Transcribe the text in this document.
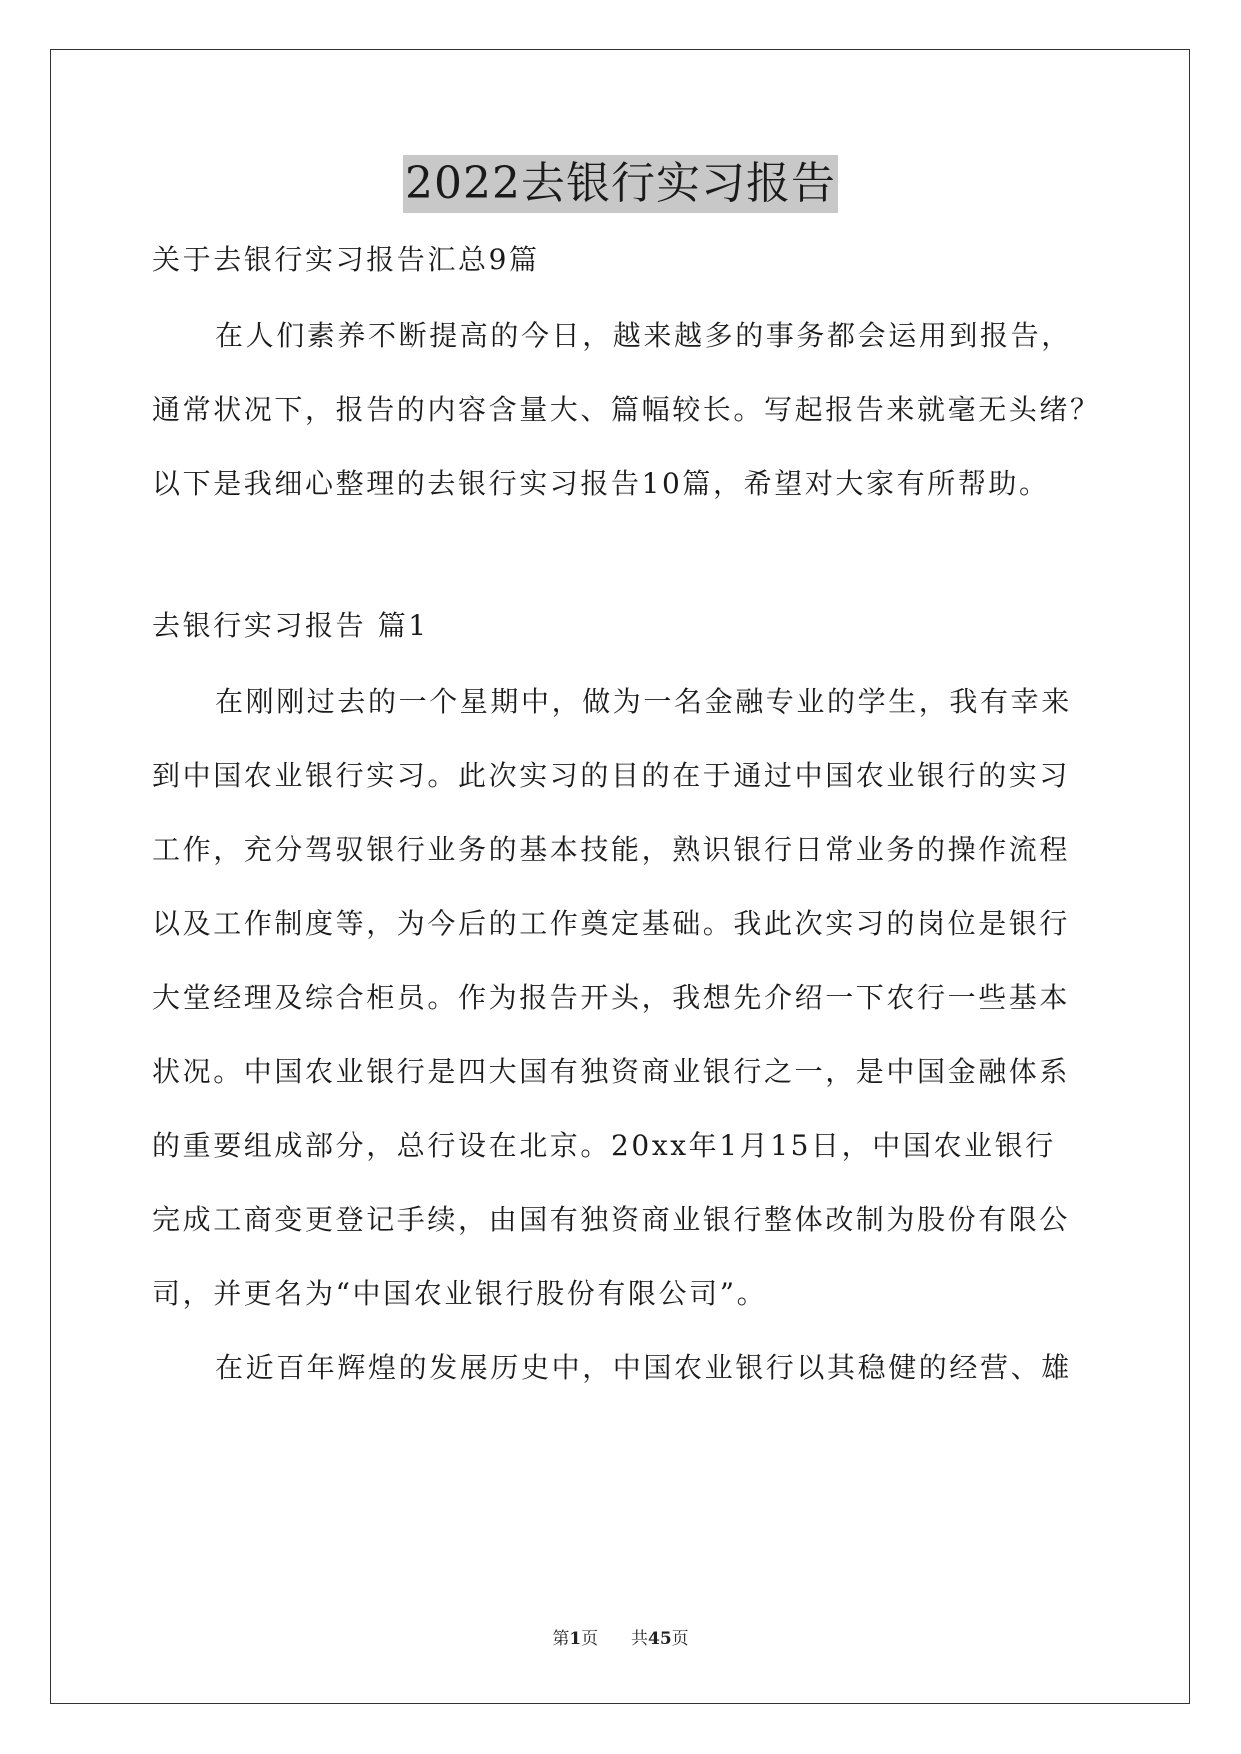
2022去银行实习报告
关于去银行实习报告汇总9篇
在人们素养不断提高的今日，越来越多的事务都会运用到报告，
通常状况下，报告的内容含量大、篇幅较长。写起报告来就毫无头绪？
以下是我细心整理的去银行实习报告10篇，希望对大家有所帮助。
去银行实习报告 篇1
在刚刚过去的一个星期中，做为一名金融专业的学生，我有幸来
到中国农业银行实习。此次实习的目的在于通过中国农业银行的实习
工作，充分驾驭银行业务的基本技能，熟识银行日常业务的操作流程
以及工作制度等，为今后的工作奠定基础。我此次实习的岗位是银行
大堂经理及综合柜员。作为报告开头，我想先介绍一下农行一些基本
状况。中国农业银行是四大国有独资商业银行之一，是中国金融体系
的重要组成部分，总行设在北京。20xx年1月15日，中国农业银行
完成工商变更登记手续，由国有独资商业银行整体改制为股份有限公
司，并更名为“中国农业银行股份有限公司”。
在近百年辉煌的发展历史中，中国农业银行以其稳健的经营、雄
第1页 共45页
